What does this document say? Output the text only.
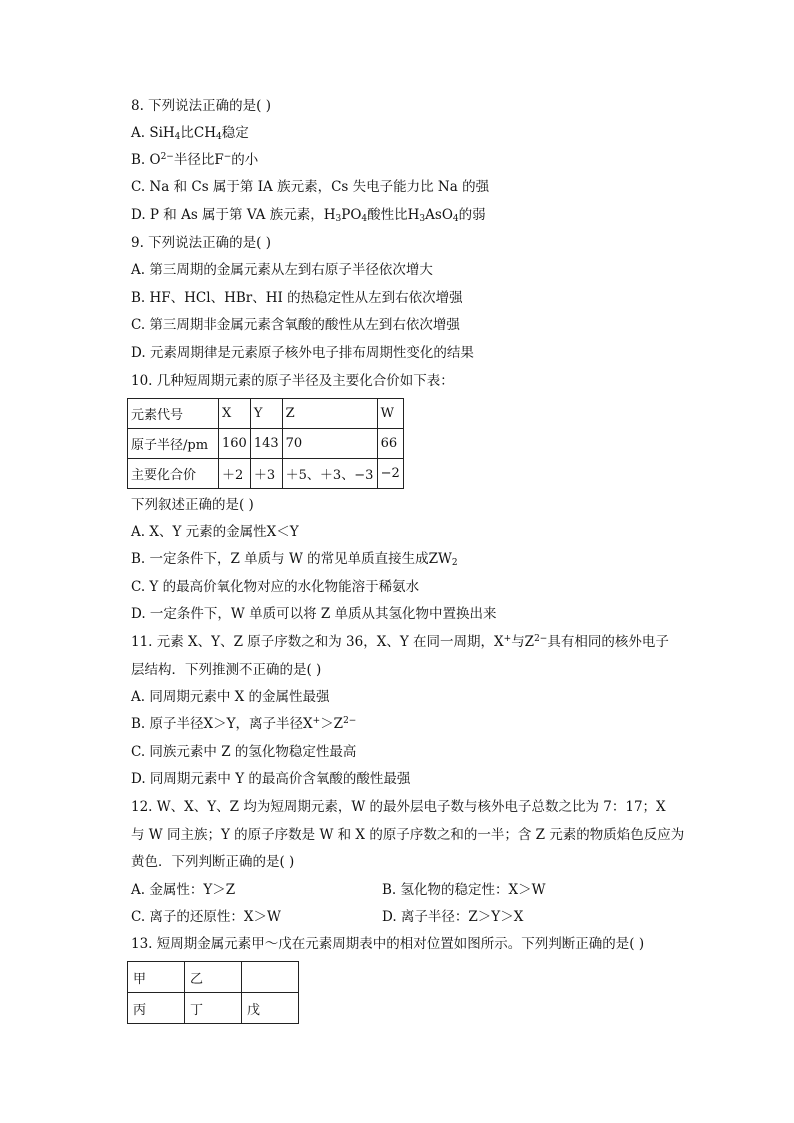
8. 下列说法正确的是( )
A. SiH$_4$比$CH_4$稳定
B. $O^{2-}$半径比F−的小
C. Na 和 Cs 属于第 IA 族元素，Cs 失电子能力比 Na 的强
D. P 和 As 属于第 VA 族元素，$H_3PO_4$酸性比$H_3AsO_4$的弱
9. 下列说法正确的是( )
A. 第三周期的金属元素从左到右原子半径依次增大
B. HF、HCl、HBr、HI 的热稳定性从左到右依次增强
C. 第三周期非金属元素含氧酸的酸性从左到右依次增强
D. 元素周期律是元素原子核外电子排布周期性变化的结果
10. 几种短周期元素的原子半径及主要化合价如下表：
元素代号	X	Y	Z	W
原子半径/pm	160	143	70	66
主要化合价	＋2	＋3	＋5、＋3、−3	−2
下列叙述正确的是( )
A. X、Y 元素的金属性X＜Y
B. 一定条件下，Z 单质与 W 的常见单质直接生成$ZW_2$
C. Y 的最高价氧化物对应的水化物能溶于稀氨水
D. 一定条件下，W 单质可以将 Z 单质从其氢化物中置换出来
11. 元素 X、Y、Z 原子序数之和为 36，X、Y 在同一周期，X+与$Z^{2-}$具有相同的核外电子
层结构．下列推测不正确的是( )
A. 同周期元素中 X 的金属性最强
B. 原子半径X＞Y，离子半径$X^+>Z^{2-}$
C. 同族元素中 Z 的氢化物稳定性最高
D. 同周期元素中 Y 的最高价含氧酸的酸性最强
12. W、X、Y、Z 均为短周期元素，W 的最外层电子数与核外电子总数之比为 7：17；X
与 W 同主族；Y 的原子序数是 W 和 X 的原子序数之和的一半；含 Z 元素的物质焰色反应为
黄色．下列判断正确的是( )
A. 金属性：Y＞Z	B. 氢化物的稳定性：X＞W
C. 离子的还原性：X＞W	D. 离子半径：Z＞Y＞X
13. 短周期金属元素甲～戊在元素周期表中的相对位置如图所示。下列判断正确的是( )
甲	乙	
丙	丁	戊
